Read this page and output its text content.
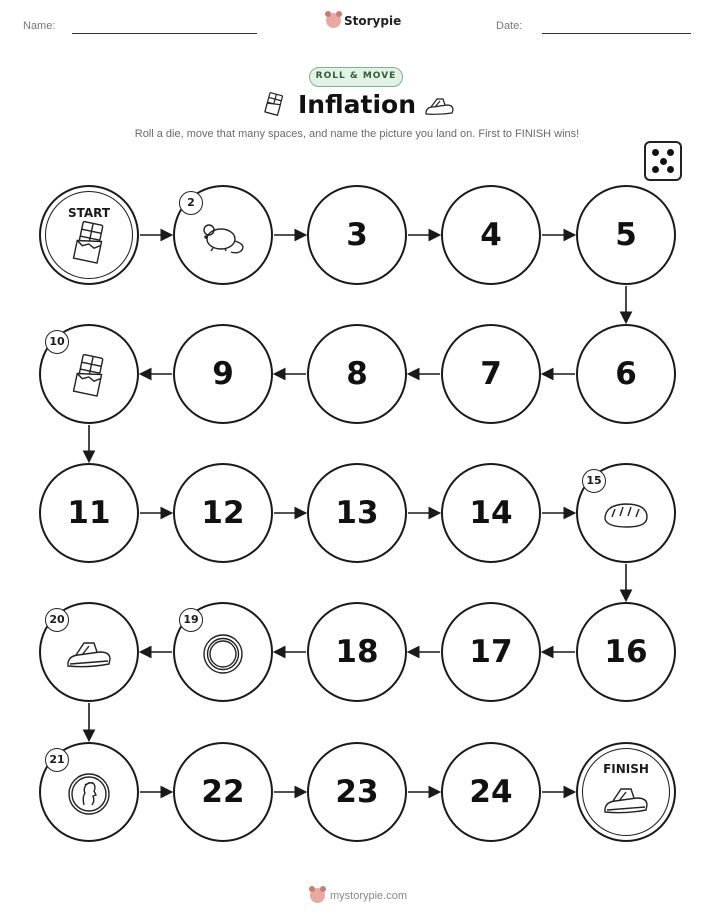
Name:	Storypie	Date:
ROLL & MOVE
Inflation
Roll a die, move that many spaces, and name the picture you land on. First to FINISH wins!
START
2
3	4	5
6
7
8
9
10
11	12	13	14
15
16
17
18
19
20
21
22	23	24
FINISH
mystorypie.com
